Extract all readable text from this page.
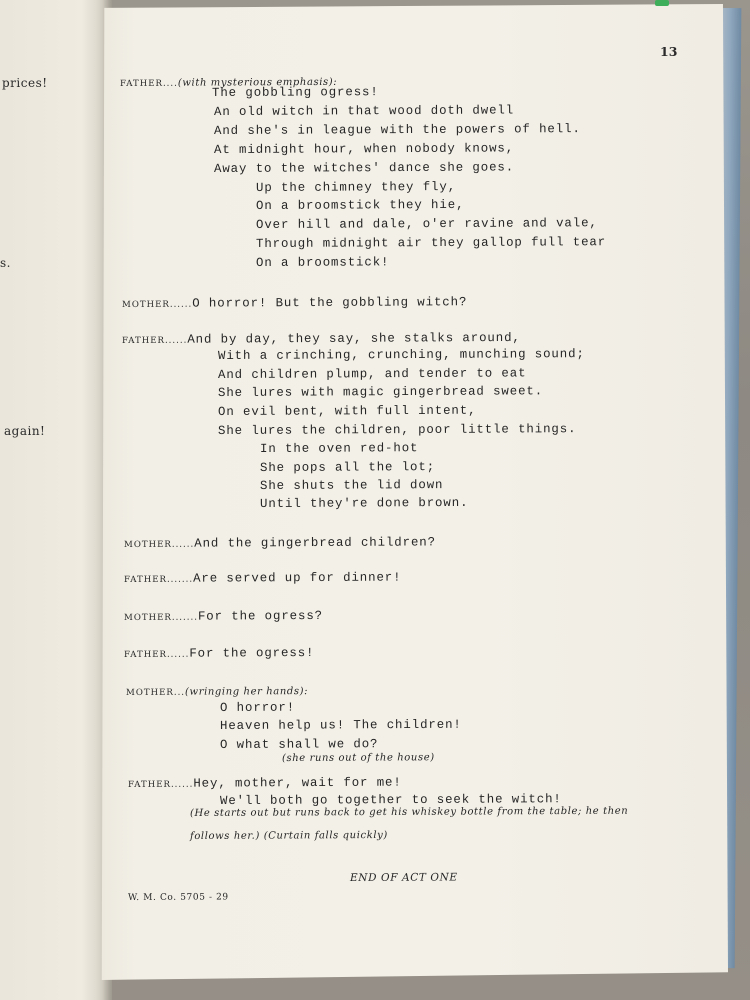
prices!
s.
again!
13
FATHER....(with mysterious emphasis):
The gobbling ogress!
An old witch in that wood doth dwell
And she's in league with the powers of hell.
At midnight hour, when nobody knows,
Away to the witches' dance she goes.
Up the chimney they fly,
On a broomstick they hie,
Over hill and dale, o'er ravine and vale,
Through midnight air they gallop full tear
On a broomstick!
MOTHER......O horror! But the gobbling witch?
FATHER......And by day, they say, she stalks around,
With a crinching, crunching, munching sound;
And children plump, and tender to eat
She lures with magic gingerbread sweet.
On evil bent, with full intent,
She lures the children, poor little things.
In the oven red-hot
She pops all the lot;
She shuts the lid down
Until they're done brown.
MOTHER......And the gingerbread children?
FATHER.......Are served up for dinner!
MOTHER.......For the ogress?
FATHER......For the ogress!
MOTHER...(wringing her hands):
O horror!
Heaven help us! The children!
O what shall we do?
(she runs out of the house)
FATHER......Hey, mother, wait for me!
We'll both go together to seek the witch!
(He starts out but runs back to get his whiskey bottle from the table; he then
follows her.) (Curtain falls quickly)
END OF ACT ONE
W. M. Co. 5705 - 29
